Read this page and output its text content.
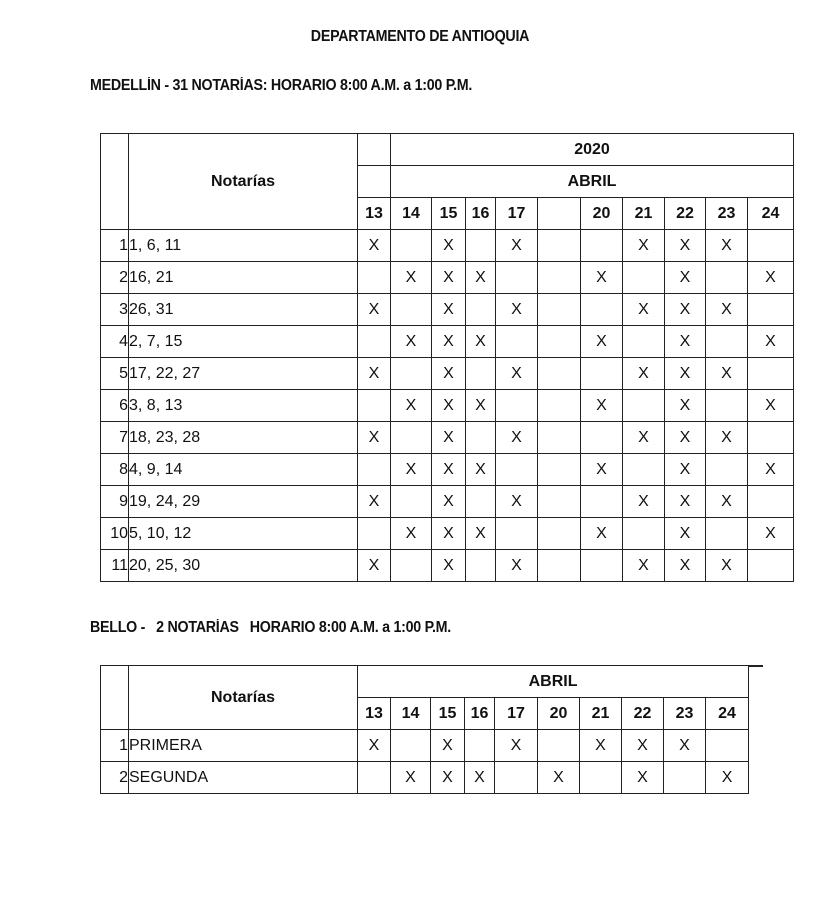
DEPARTAMENTO DE ANTIOQUIA
MEDELLÍN - 31 NOTARÍAS: HORARIO 8:00 A.M. a 1:00 P.M.
	Notarías		2020									
			ABRIL									
		13	14	15	16	17		20	21	22	23	24
1	1, 6, 11	X		X		X			X	X	X	
2	16, 21		X	X	X			X		X		X
3	26, 31	X		X		X			X	X	X	
4	2, 7, 15		X	X	X			X		X		X
5	17, 22, 27	X		X		X			X	X	X	
6	3, 8, 13		X	X	X			X		X		X
7	18, 23, 28	X		X		X			X	X	X	
8	4, 9, 14		X	X	X			X		X		X
9	19, 24, 29	X		X		X			X	X	X	
10	5, 10, 12		X	X	X			X		X		X
11	20, 25, 30	X		X		X			X	X	X	
BELLO -   2 NOTARÍAS   HORARIO 8:00 A.M. a 1:00 P.M.
	Notarías	ABRIL									
		13	14	15	16	17	20	21	22	23	24
1	PRIMERA	X		X		X		X	X	X	
2	SEGUNDA		X	X	X		X		X		X
